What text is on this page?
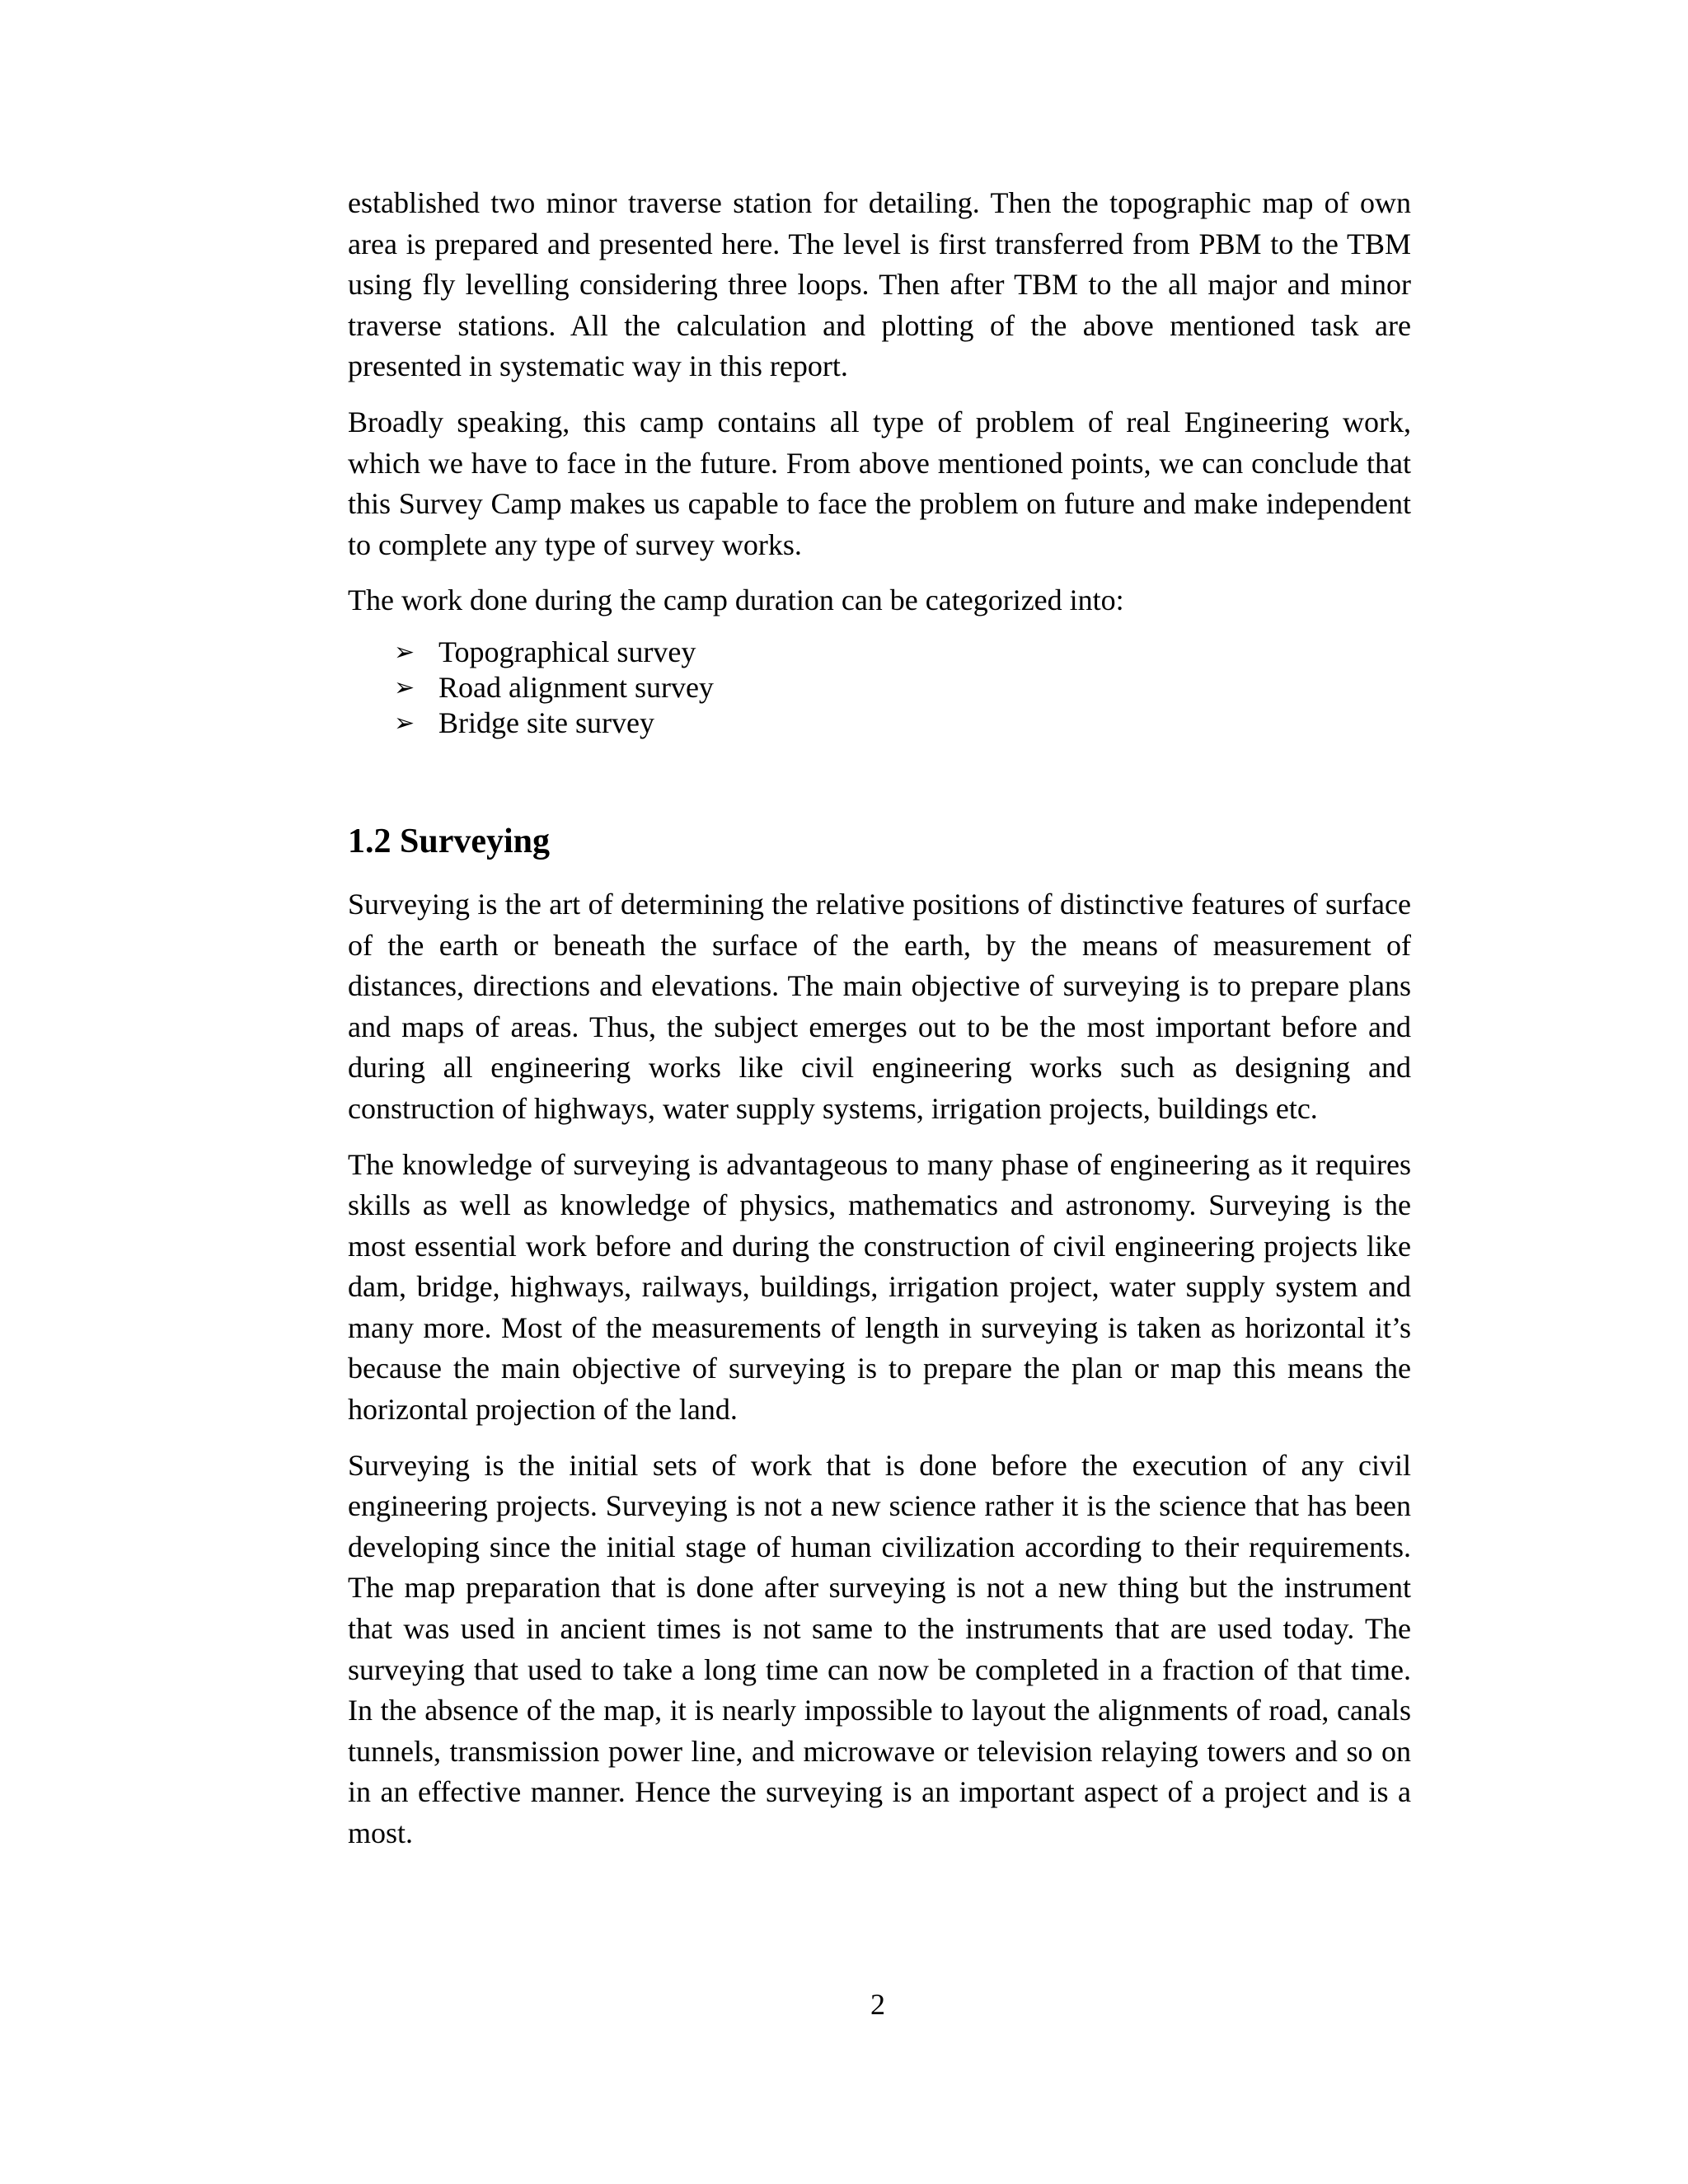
established two minor traverse station for detailing. Then the topographic map of own area is prepared and presented here. The level is first transferred from PBM to the TBM using fly levelling considering three loops. Then after TBM to the all major and minor traverse stations. All the calculation and plotting of the above mentioned task are presented in systematic way in this report.

Broadly speaking, this camp contains all type of problem of real Engineering work, which we have to face in the future. From above mentioned points, we can conclude that this Survey Camp makes us capable to face the problem on future and make independent to complete any type of survey works.

The work done during the camp duration can be categorized into:

➢ Topographical survey
➢ Road alignment survey
➢ Bridge site survey
1.2 Surveying

Surveying is the art of determining the relative positions of distinctive features of surface of the earth or beneath the surface of the earth, by the means of measurement of distances, directions and elevations. The main objective of surveying is to prepare plans and maps of areas. Thus, the subject emerges out to be the most important before and during all engineering works like civil engineering works such as designing and construction of highways, water supply systems, irrigation projects, buildings etc.

The knowledge of surveying is advantageous to many phase of engineering as it requires skills as well as knowledge of physics, mathematics and astronomy. Surveying is the most essential work before and during the construction of civil engineering projects like dam, bridge, highways, railways, buildings, irrigation project, water supply system and many more. Most of the measurements of length in surveying is taken as horizontal it’s because the main objective of surveying is to prepare the plan or map this means the horizontal projection of the land.

Surveying is the initial sets of work that is done before the execution of any civil engineering projects. Surveying is not a new science rather it is the science that has been developing since the initial stage of human civilization according to their requirements. The map preparation that is done after surveying is not a new thing but the instrument that was used in ancient times is not same to the instruments that are used today. The surveying that used to take a long time can now be completed in a fraction of that time. In the absence of the map, it is nearly impossible to layout the alignments of road, canals tunnels, transmission power line, and microwave or television relaying towers and so on in an effective manner. Hence the surveying is an important aspect of a project and is a most.

2
